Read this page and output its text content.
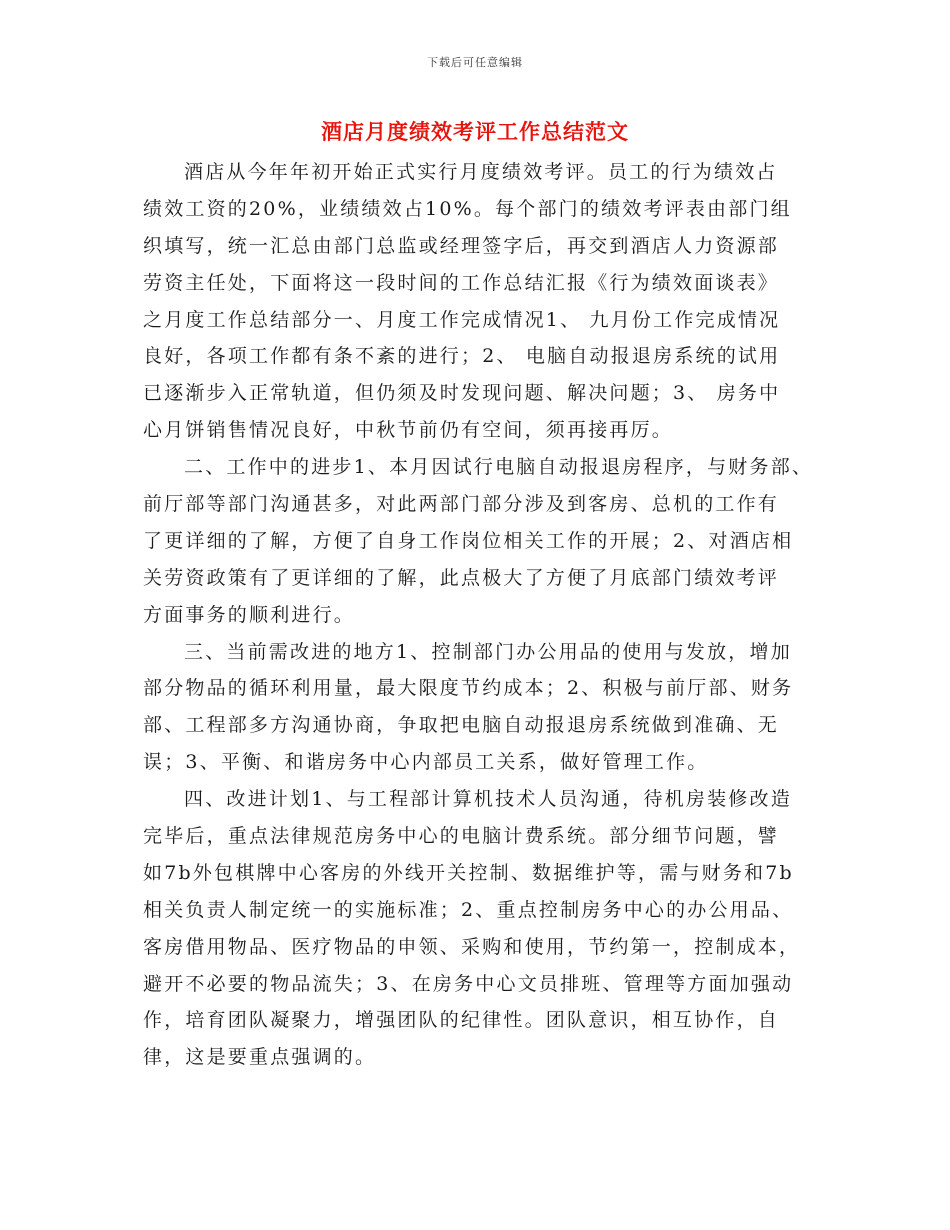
下载后可任意编辑
酒店月度绩效考评工作总结范文
酒店从今年年初开始正式实行月度绩效考评。员工的行为绩效占
绩效工资的20%，业绩绩效占10%。每个部门的绩效考评表由部门组
织填写，统一汇总由部门总监或经理签字后，再交到酒店人力资源部
劳资主任处，下面将这一段时间的工作总结汇报《行为绩效面谈表》
之月度工作总结部分一、月度工作完成情况1、 九月份工作完成情况
良好，各项工作都有条不紊的进行；2、 电脑自动报退房系统的试用
已逐渐步入正常轨道，但仍须及时发现问题、解决问题；3、 房务中
心月饼销售情况良好，中秋节前仍有空间，须再接再厉。
二、工作中的进步1、本月因试行电脑自动报退房程序，与财务部、
前厅部等部门沟通甚多，对此两部门部分涉及到客房、总机的工作有
了更详细的了解，方便了自身工作岗位相关工作的开展；2、对酒店相
关劳资政策有了更详细的了解，此点极大了方便了月底部门绩效考评
方面事务的顺利进行。
三、当前需改进的地方1、控制部门办公用品的使用与发放，增加
部分物品的循环利用量，最大限度节约成本；2、积极与前厅部、财务
部、工程部多方沟通协商，争取把电脑自动报退房系统做到准确、无
误；3、平衡、和谐房务中心内部员工关系，做好管理工作。
四、改进计划1、与工程部计算机技术人员沟通，待机房装修改造
完毕后，重点法律规范房务中心的电脑计费系统。部分细节问题，譬
如7b外包棋牌中心客房的外线开关控制、数据维护等，需与财务和7b
相关负责人制定统一的实施标准；2、重点控制房务中心的办公用品、
客房借用物品、医疗物品的申领、采购和使用，节约第一，控制成本，
避开不必要的物品流失；3、在房务中心文员排班、管理等方面加强动
作，培育团队凝聚力，增强团队的纪律性。团队意识，相互协作，自
律，这是要重点强调的。
